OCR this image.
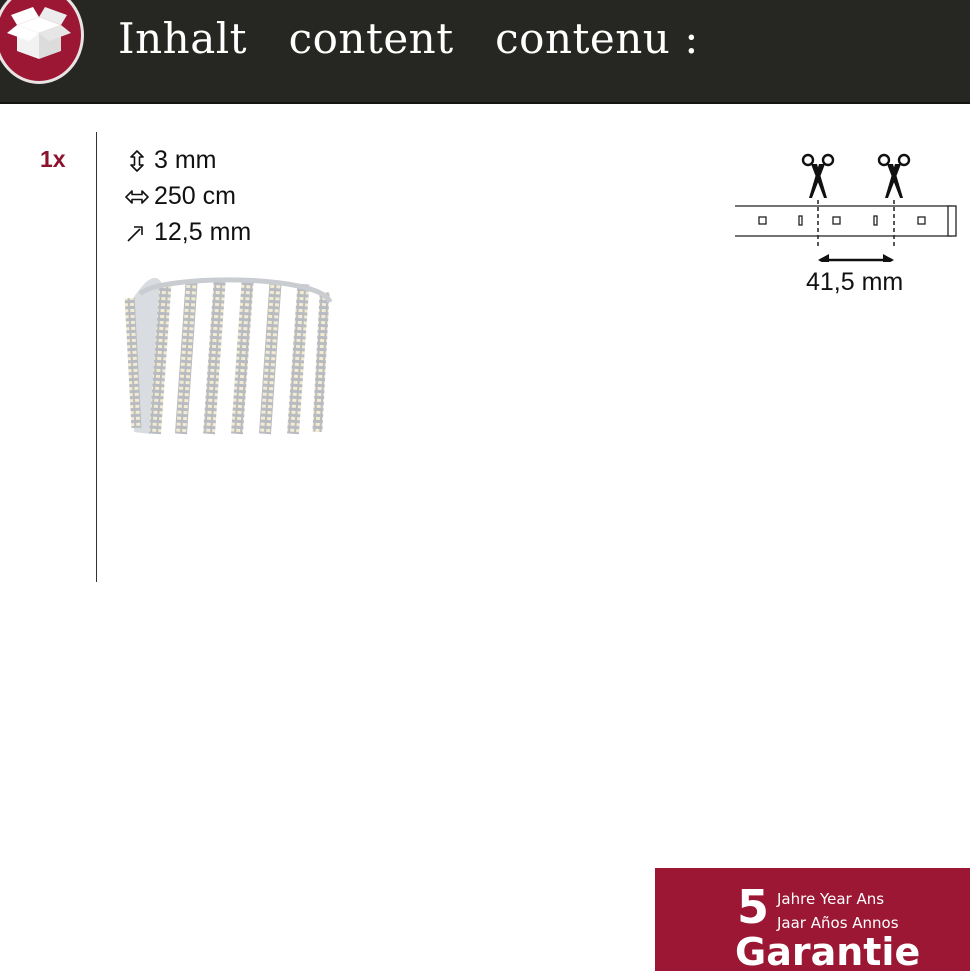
Inhalt   content   contenu :
1x	3 mm
250 cm
12,5 mm
41,5 mm
5 Jahre Year Ans
Jaar Años Annos
Garantie
